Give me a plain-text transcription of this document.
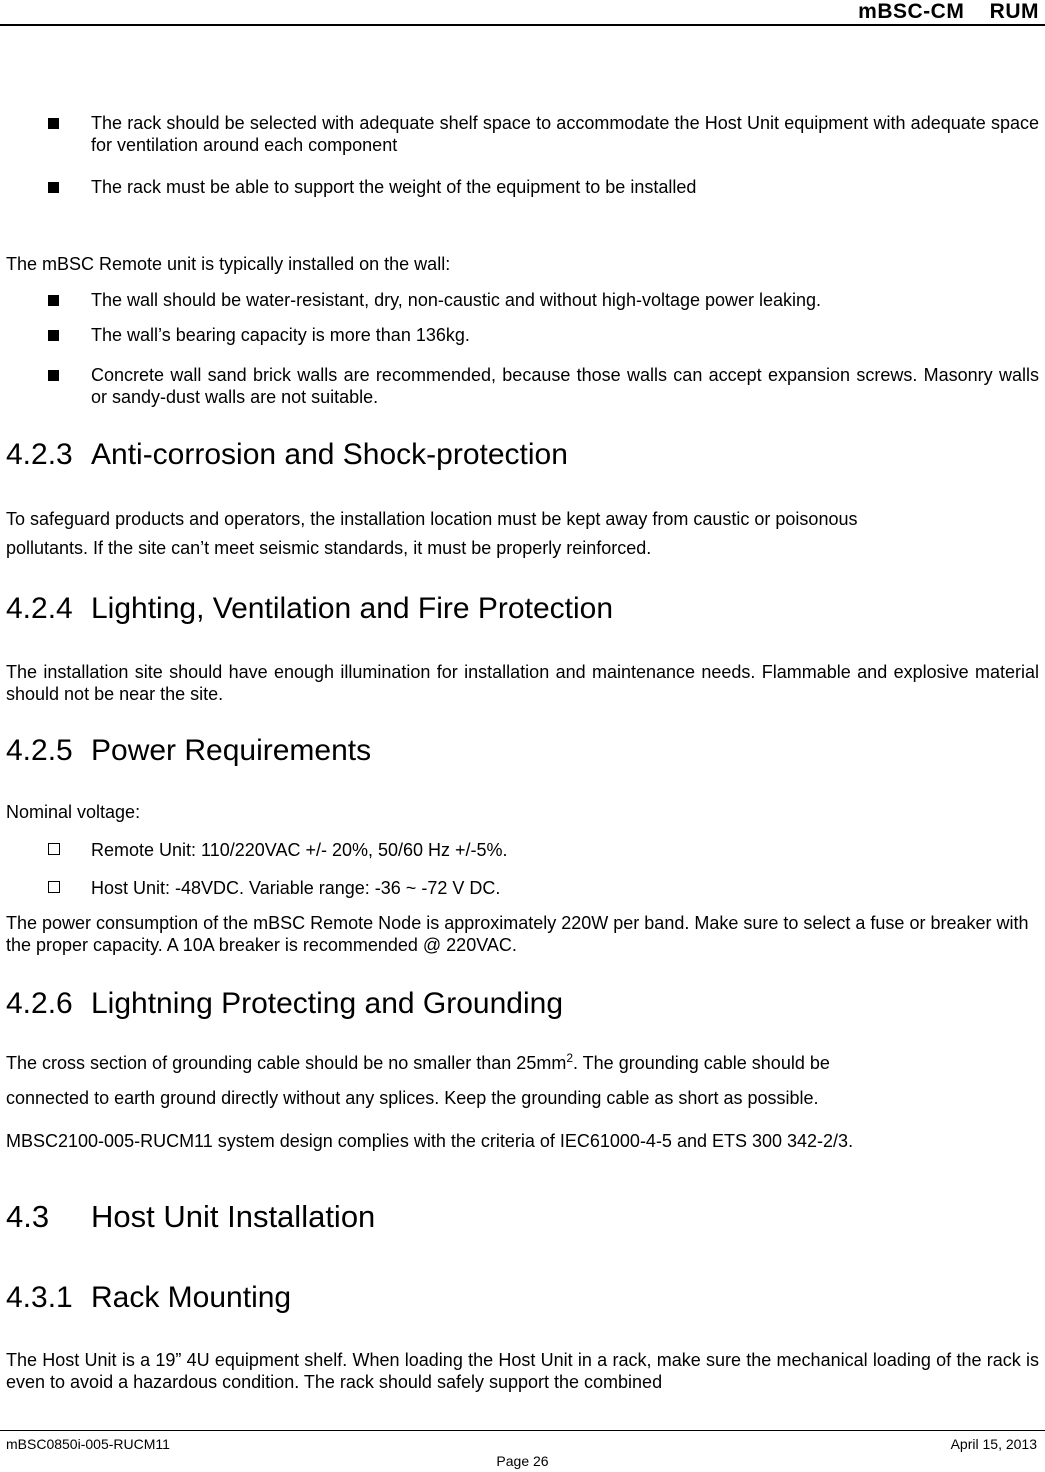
mBSC-CM    RUM
The rack should be selected with adequate shelf space to accommodate the Host Unit equipment with adequate space for ventilation around each component
The rack must be able to support the weight of the equipment to be installed
The mBSC Remote unit is typically installed on the wall:
The wall should be water-resistant, dry, non-caustic and without high-voltage power leaking.
The wall’s bearing capacity is more than 136kg.
Concrete wall sand brick walls are recommended, because those walls can accept expansion screws. Masonry walls or sandy-dust walls are not suitable.
4.2.3 Anti-corrosion and Shock-protection
To safeguard products and operators, the installation location must be kept away from caustic or poisonous
pollutants. If the site can’t meet seismic standards, it must be properly reinforced.
4.2.4 Lighting, Ventilation and Fire Protection
The installation site should have enough illumination for installation and maintenance needs. Flammable and explosive material should not be near the site.
4.2.5 Power Requirements
Nominal voltage:
Remote Unit: 110/220VAC +/- 20%, 50/60 Hz +/-5%.
Host Unit: -48VDC. Variable range: -36 ~ -72 V DC.
The power consumption of the mBSC Remote Node is approximately 220W per band. Make sure to select a fuse or breaker with the proper capacity. A 10A breaker is recommended @ 220VAC.
4.2.6 Lightning Protecting and Grounding
The cross section of grounding cable should be no smaller than $25mm^2$. The grounding cable should be
connected to earth ground directly without any splices. Keep the grounding cable as short as possible.
MBSC2100-005-RUCM11 system design complies with the criteria of IEC61000-4-5 and ETS 300 342-2/3.
4.3 Host Unit Installation
4.3.1 Rack Mounting
The Host Unit is a 19” 4U equipment shelf. When loading the Host Unit in a rack, make sure the mechanical loading of the rack is even to avoid a hazardous condition. The rack should safely support the combined
mBSC0850i-005-RUCM11	April 15, 2013
Page 26
